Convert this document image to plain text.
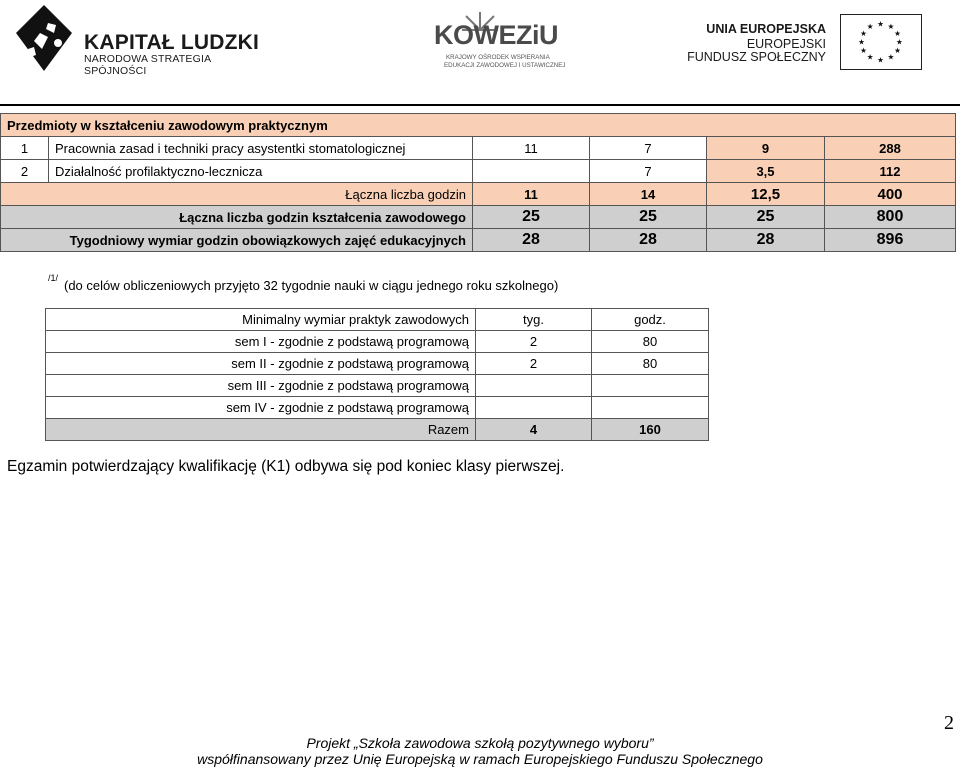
KAPITAŁ LUDZKI
NARODOWA STRATEGIA SPÓJNOŚCI
KOWEZiU
KRAJOWY OŚRODEK WSPIERANIA
EDUKACJI ZAWODOWEJ I USTAWICZNEJ
UNIA EUROPEJSKA
EUROPEJSKI
FUNDUSZ SPOŁECZNY
★ ★
★
★
★
★
★
★
★
★
★
★
Przedmioty w kształceniu zawodowym praktycznym					
1	Pracownia zasad i techniki pracy asystentki stomatologicznej	11	7	9	288
2	Działalność profilaktyczno-lecznicza		7	3,5	112
Łączna liczba godzin		11	14	12,5	400
Łączna liczba godzin kształcenia zawodowego		25	25	25	800
Tygodniowy wymiar godzin obowiązkowych zajęć edukacyjnych		28	28	28	896
/1/ (do celów obliczeniowych przyjęto 32 tygodnie nauki w ciągu jednego roku szkolnego)
Minimalny wymiar praktyk zawodowych	tyg.	godz.
sem I - zgodnie z podstawą programową	2	80
sem II - zgodnie z podstawą programową	2	80
sem III - zgodnie z podstawą programową		
sem IV - zgodnie z podstawą programową		
Razem	4	160
Egzamin potwierdzający kwalifikację (K1) odbywa się pod koniec klasy pierwszej.
2
Projekt „Szkoła zawodowa szkołą pozytywnego wyboru”
współfinansowany przez Unię Europejską w ramach Europejskiego Funduszu Społecznego
